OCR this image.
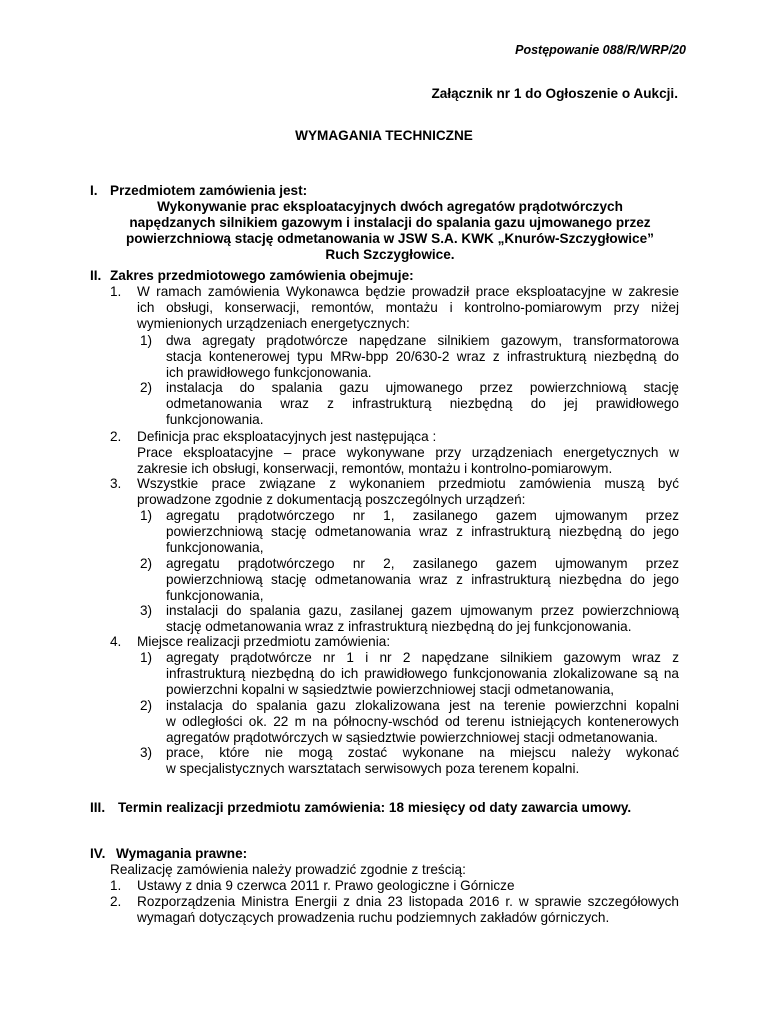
Postępowanie 088/R/WRP/20
Załącznik nr 1 do Ogłoszenie o Aukcji.
WYMAGANIA TECHNICZNE
I. Przedmiotem zamówienia jest:
Wykonywanie prac eksploatacyjnych dwóch agregatów prądotwórczych
napędzanych silnikiem gazowym i instalacji do spalania gazu ujmowanego przez
powierzchniową stację odmetanowania w JSW S.A. KWK „Knurów-Szczygłowice”
Ruch Szczygłowice.
II. Zakres przedmiotowego zamówienia obejmuje:
1. W ramach zamówienia Wykonawca będzie prowadził prace eksploatacyjne w zakresie
ich obsługi, konserwacji, remontów, montażu i kontrolno-pomiarowym przy niżej
wymienionych urządzeniach energetycznych:
1) dwa agregaty prądotwórcze napędzane silnikiem gazowym, transformatorowa
stacja kontenerowej typu MRw-bpp 20/630-2 wraz z infrastrukturą niezbędną do
ich prawidłowego funkcjonowania.
2) instalacja do spalania gazu ujmowanego przez powierzchniową stację
odmetanowania wraz z infrastrukturą niezbędną do jej prawidłowego
funkcjonowania.
2. Definicja prac eksploatacyjnych jest następująca :
Prace eksploatacyjne – prace wykonywane przy urządzeniach energetycznych w
zakresie ich obsługi, konserwacji, remontów, montażu i kontrolno-pomiarowym.
3. Wszystkie prace związane z wykonaniem przedmiotu zamówienia muszą być
prowadzone zgodnie z dokumentacją poszczególnych urządzeń:
1) agregatu prądotwórczego nr 1, zasilanego gazem ujmowanym przez
powierzchniową stację odmetanowania wraz z infrastrukturą niezbędną do jego
funkcjonowania,
2) agregatu prądotwórczego nr 2, zasilanego gazem ujmowanym przez
powierzchniową stację odmetanowania wraz z infrastrukturą niezbędna do jego
funkcjonowania,
3) instalacji do spalania gazu, zasilanej gazem ujmowanym przez powierzchniową
stację odmetanowania wraz z infrastrukturą niezbędną do jej funkcjonowania.
4. Miejsce realizacji przedmiotu zamówienia:
1) agregaty prądotwórcze nr 1 i nr 2 napędzane silnikiem gazowym wraz z
infrastrukturą niezbędną do ich prawidłowego funkcjonowania zlokalizowane są na
powierzchni kopalni w sąsiedztwie powierzchniowej stacji odmetanowania,
2) instalacja do spalania gazu zlokalizowana jest na terenie powierzchni kopalni
w odległości ok. 22 m na północny-wschód od terenu istniejących kontenerowych
agregatów prądotwórczych w sąsiedztwie powierzchniowej stacji odmetanowania.
3) prace, które nie mogą zostać wykonane na miejscu należy wykonać
w specjalistycznych warsztatach serwisowych poza terenem kopalni.
III. Termin realizacji przedmiotu zamówienia: 18 miesięcy od daty zawarcia umowy.
IV. Wymagania prawne:
Realizację zamówienia należy prowadzić zgodnie z treścią:
1. Ustawy z dnia 9 czerwca 2011 r. Prawo geologiczne i Górnicze
2. Rozporządzenia Ministra Energii z dnia 23 listopada 2016 r. w sprawie szczegółowych
wymagań dotyczących prowadzenia ruchu podziemnych zakładów górniczych.
